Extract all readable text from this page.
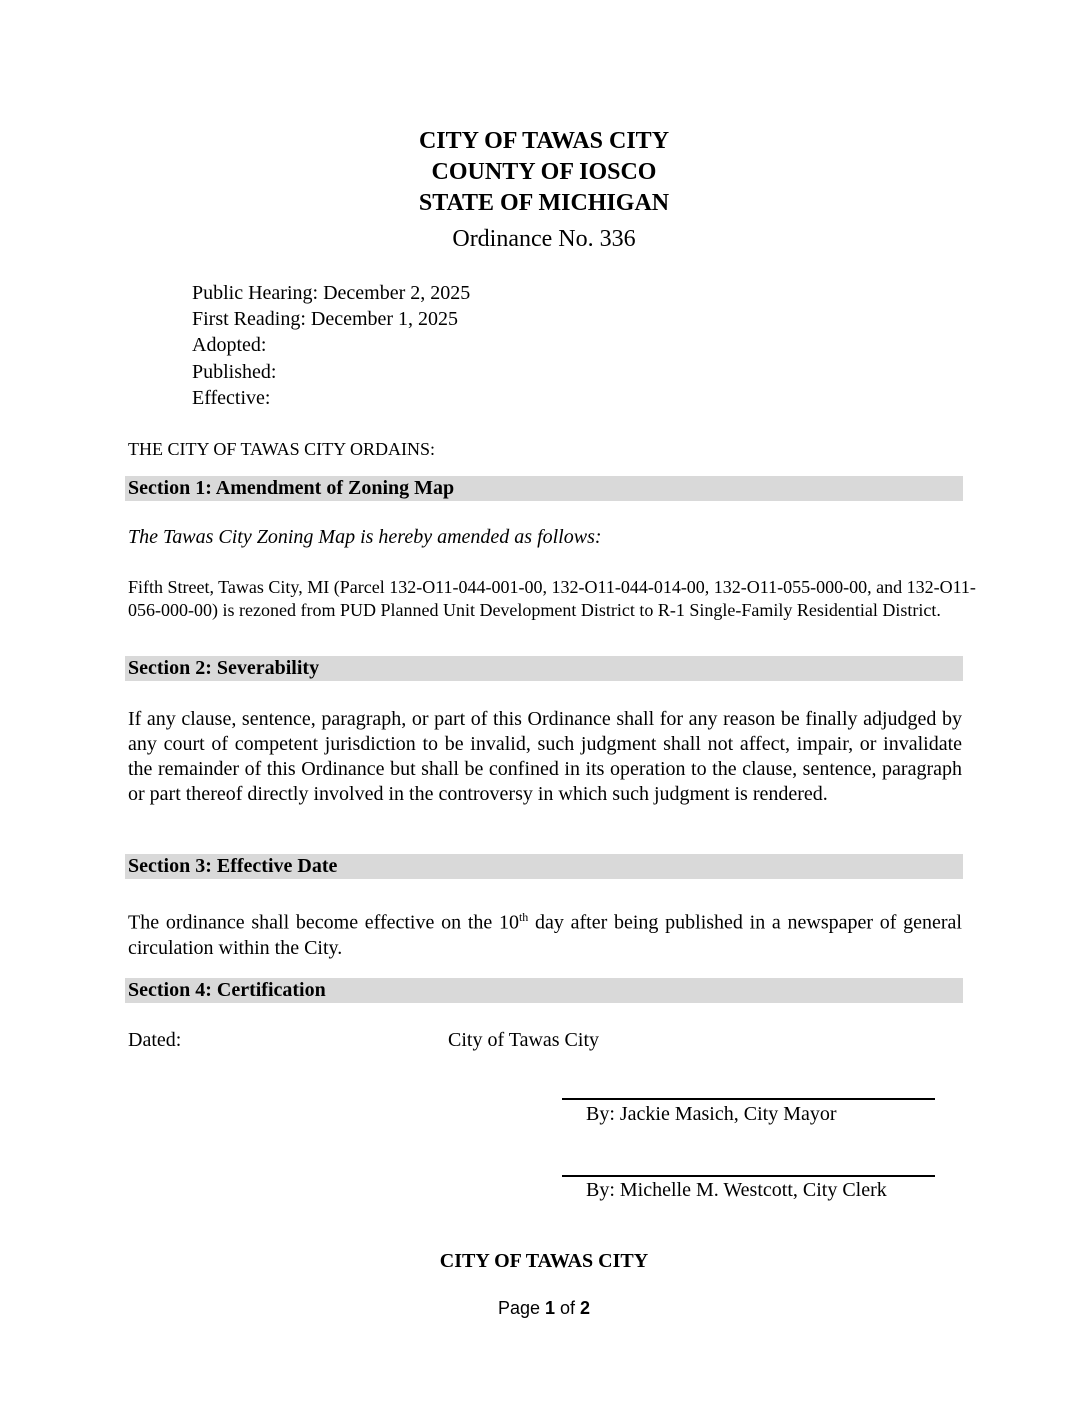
CITY OF TAWAS CITY
COUNTY OF IOSCO
STATE OF MICHIGAN
Ordinance No. 336
Public Hearing: December 2, 2025
First Reading: December 1, 2025
Adopted:
Published:
Effective:
THE CITY OF TAWAS CITY ORDAINS:
Section 1: Amendment of Zoning Map
The Tawas City Zoning Map is hereby amended as follows:
Fifth Street, Tawas City, MI (Parcel 132-O11-044-001-00, 132-O11-044-014-00, 132-O11-055-000-00, and 132-O11-056-000-00) is rezoned from PUD Planned Unit Development District to R-1 Single-Family Residential District.
Section 2: Severability
If any clause, sentence, paragraph, or part of this Ordinance shall for any reason be finally adjudged by any court of competent jurisdiction to be invalid, such judgment shall not affect, impair, or invalidate the remainder of this Ordinance but shall be confined in its operation to the clause, sentence, paragraph or part thereof directly involved in the controversy in which such judgment is rendered.
Section 3: Effective Date
The ordinance shall become effective on the 10th day after being published in a newspaper of general circulation within the City.
Section 4: Certification
Dated:	City of Tawas City
By: Jackie Masich, City Mayor
By: Michelle M. Westcott, City Clerk
CITY OF TAWAS CITY
Page 1 of 2
